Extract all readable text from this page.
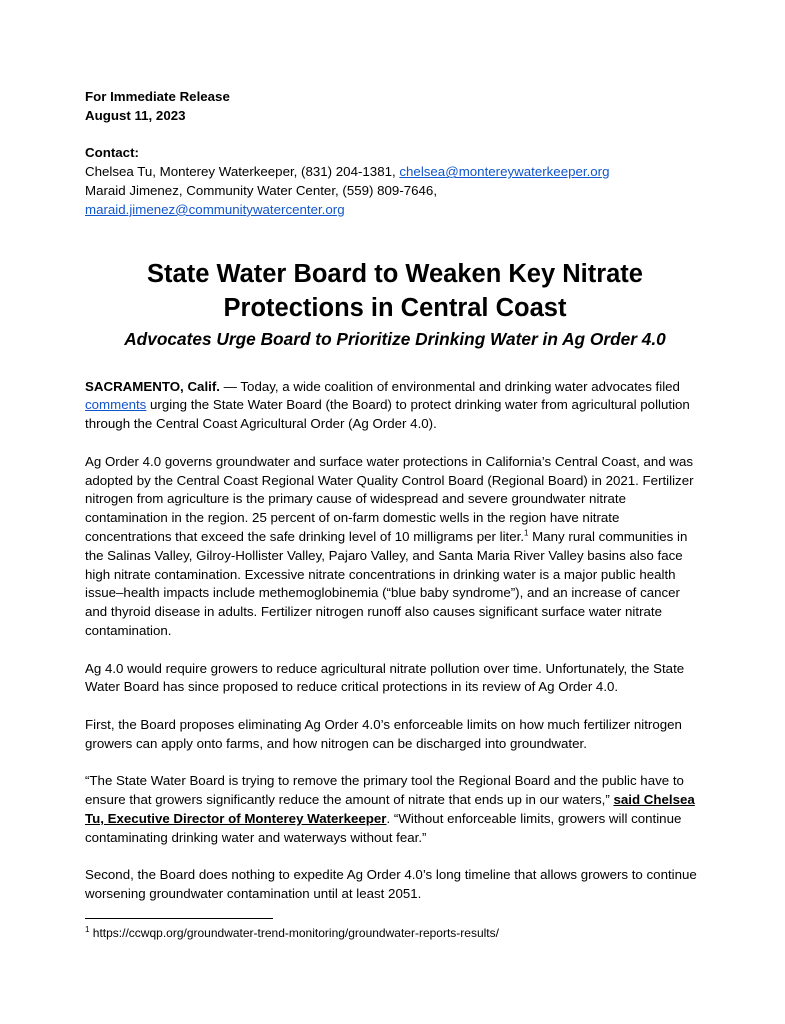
For Immediate Release
August 11, 2023
Contact:
Chelsea Tu, Monterey Waterkeeper, (831) 204-1381, chelsea@montereywaterkeeper.org
Maraid Jimenez, Community Water Center, (559) 809-7646,
maraid.jimenez@communitywatercenter.org
State Water Board to Weaken Key Nitrate
Protections in Central Coast
Advocates Urge Board to Prioritize Drinking Water in Ag Order 4.0

SACRAMENTO, Calif. — Today, a wide coalition of environmental and drinking water advocates filed comments urging the State Water Board (the Board) to protect drinking water from agricultural pollution through the Central Coast Agricultural Order (Ag Order 4.0).

Ag Order 4.0 governs groundwater and surface water protections in California’s Central Coast, and was adopted by the Central Coast Regional Water Quality Control Board (Regional Board) in 2021. Fertilizer nitrogen from agriculture is the primary cause of widespread and severe groundwater nitrate contamination in the region. 25 percent of on-farm domestic wells in the region have nitrate concentrations that exceed the safe drinking level of 10 milligrams per liter.$^1$ Many rural communities in the Salinas Valley, Gilroy-Hollister Valley, Pajaro Valley, and Santa Maria River Valley basins also face high nitrate contamination. Excessive nitrate concentrations in drinking water is a major public health issue–health impacts include methemoglobinemia (“blue baby syndrome”), and an increase of cancer and thyroid disease in adults. Fertilizer nitrogen runoff also causes significant surface water nitrate contamination.

Ag 4.0 would require growers to reduce agricultural nitrate pollution over time. Unfortunately, the State Water Board has since proposed to reduce critical protections in its review of Ag Order 4.0.

First, the Board proposes eliminating Ag Order 4.0’s enforceable limits on how much fertilizer nitrogen growers can apply onto farms, and how nitrogen can be discharged into groundwater.

“The State Water Board is trying to remove the primary tool the Regional Board and the public have to ensure that growers significantly reduce the amount of nitrate that ends up in our waters,” said Chelsea Tu, Executive Director of Monterey Waterkeeper. “Without enforceable limits, growers will continue contaminating drinking water and waterways without fear.”

Second, the Board does nothing to expedite Ag Order 4.0’s long timeline that allows growers to continue worsening groundwater contamination until at least 2051.

$^1$ https://ccwqp.org/groundwater-trend-monitoring/groundwater-reports-results/
